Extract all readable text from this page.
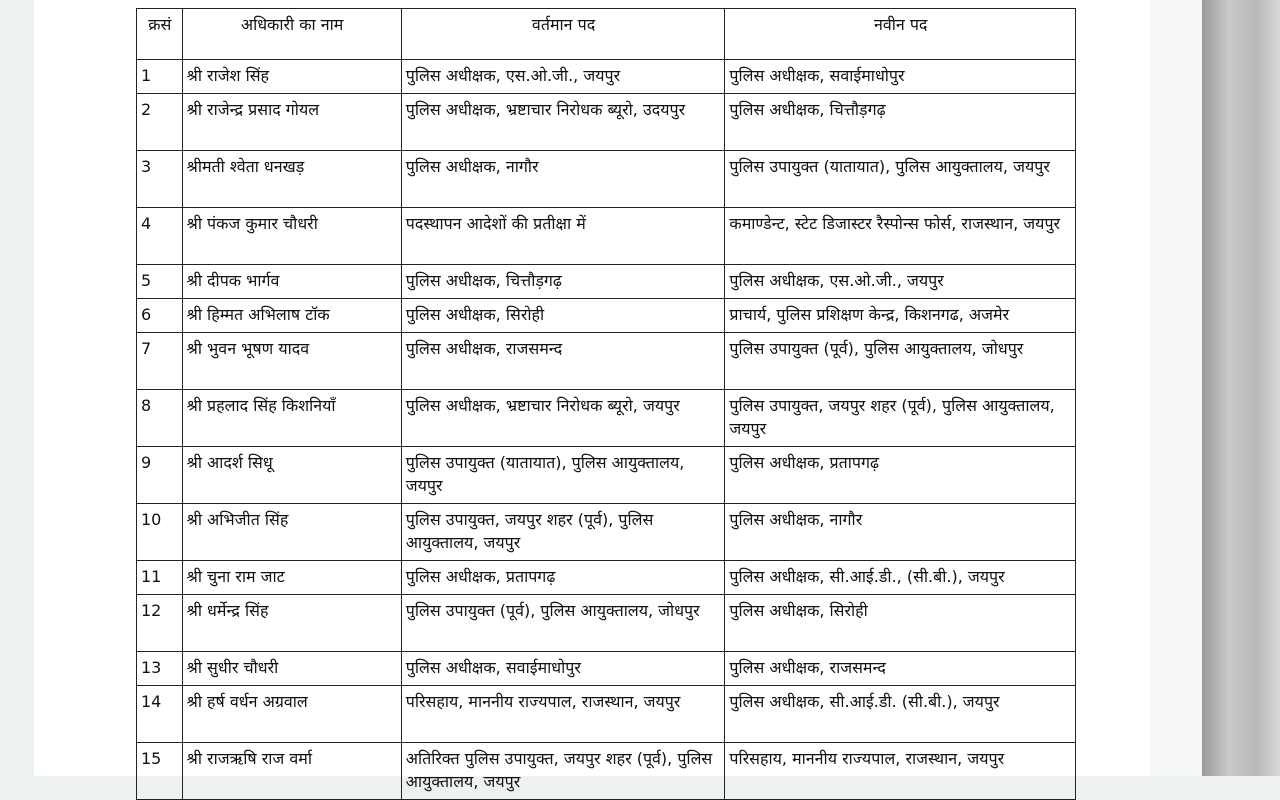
क्रसं	अधिकारी का नाम	वर्तमान पद	नवीन पद
1	श्री राजेश सिंह	पुलिस अधीक्षक, एस.ओ.जी., जयपुर	पुलिस अधीक्षक, सवाईमाधोपुर
2	श्री राजेन्द्र प्रसाद गोयल	पुलिस अधीक्षक, भ्रष्टाचार निरोधक ब्यूरो, उदयपुर	पुलिस अधीक्षक, चित्तौड़गढ़
3	श्रीमती श्वेता धनखड़	पुलिस अधीक्षक, नागौर	पुलिस उपायुक्त (यातायात), पुलिस आयुक्तालय, जयपुर
4	श्री पंकज कुमार चौधरी	पदस्थापन आदेशों की प्रतीक्षा में	कमाण्डेन्ट, स्टेट डिजास्टर रैस्पोन्स फोर्स, राजस्थान, जयपुर
5	श्री दीपक भार्गव	पुलिस अधीक्षक, चित्तौड़गढ़	पुलिस अधीक्षक, एस.ओ.जी., जयपुर
6	श्री हिम्मत अभिलाष टॉक	पुलिस अधीक्षक, सिरोही	प्राचार्य, पुलिस प्रशिक्षण केन्द्र, किशनगढ, अजमेर
7	श्री भुवन भूषण यादव	पुलिस अधीक्षक, राजसमन्द	पुलिस उपायुक्त (पूर्व), पुलिस आयुक्तालय, जोधपुर
8	श्री प्रहलाद सिंह किशनियॉं	पुलिस अधीक्षक, भ्रष्टाचार निरोधक ब्यूरो, जयपुर	पुलिस उपायुक्त, जयपुर शहर (पूर्व), पुलिस आयुक्तालय, जयपुर
9	श्री आदर्श सिधू	पुलिस उपायुक्त (यातायात), पुलिस आयुक्तालय, जयपुर	पुलिस अधीक्षक, प्रतापगढ़
10	श्री अभिजीत सिंह	पुलिस उपायुक्त, जयपुर शहर (पूर्व), पुलिस आयुक्तालय, जयपुर	पुलिस अधीक्षक, नागौर
11	श्री चुना राम जाट	पुलिस अधीक्षक, प्रतापगढ़	पुलिस अधीक्षक, सी.आई.डी., (सी.बी.), जयपुर
12	श्री धर्मेन्द्र सिंह	पुलिस उपायुक्त (पूर्व), पुलिस आयुक्तालय, जोधपुर	पुलिस अधीक्षक, सिरोही
13	श्री सुधीर चौधरी	पुलिस अधीक्षक, सवाईमाधोपुर	पुलिस अधीक्षक, राजसमन्द
14	श्री हर्ष वर्धन अग्रवाल	परिसहाय, माननीय राज्यपाल, राजस्थान, जयपुर	पुलिस अधीक्षक, सी.आई.डी. (सी.बी.), जयपुर
15	श्री राजऋषि राज वर्मा	अतिरिक्त पुलिस उपायुक्त, जयपुर शहर (पूर्व), पुलिस आयुक्तालय, जयपुर	परिसहाय, माननीय राज्यपाल, राजस्थान, जयपुर
